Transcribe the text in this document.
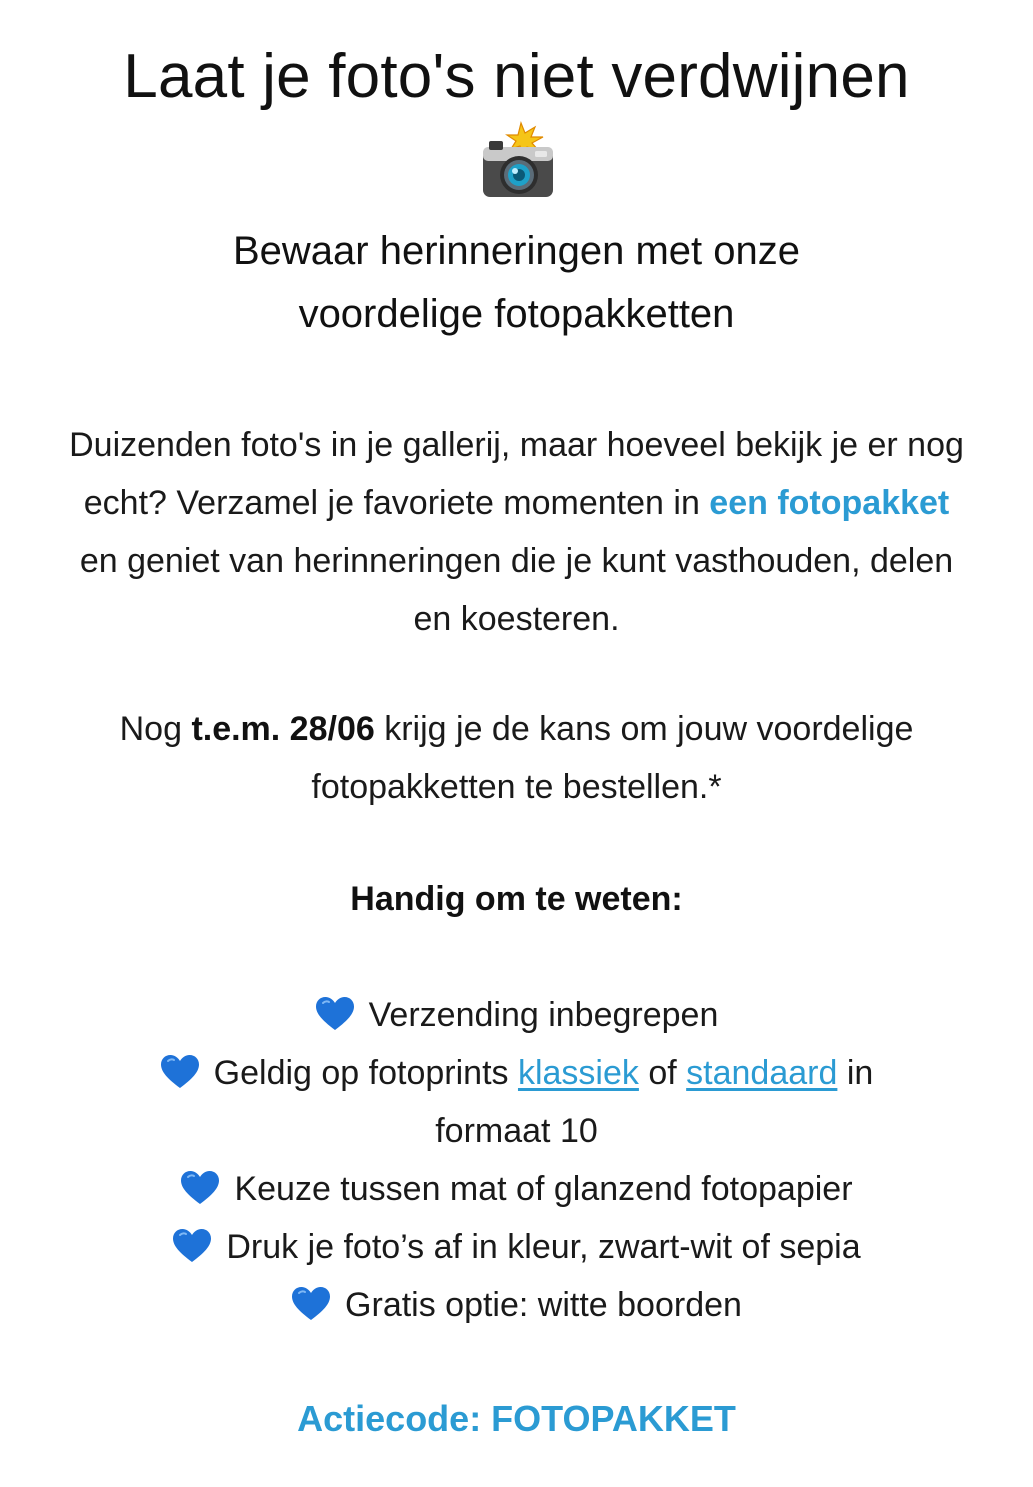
Laat je foto's niet verdwijnen
Bewaar herinneringen met onze voordelige fotopakketten

Duizenden foto's in je gallerij, maar hoeveel bekijk je er nog echt? Verzamel je favoriete momenten in een fotopakket en geniet van herinneringen die je kunt vasthouden, delen en koesteren.

Nog t.e.m. 28/06 krijg je de kans om jouw voordelige fotopakketten te bestellen.*

Handig om te weten:

Verzending inbegrepen
Geldig op fotoprints klassiek of standaard in formaat 10
Keuze tussen mat of glanzend fotopapier
Druk je foto’s af in kleur, zwart-wit of sepia
Gratis optie: witte boorden
Actiecode: FOTOPAKKET
